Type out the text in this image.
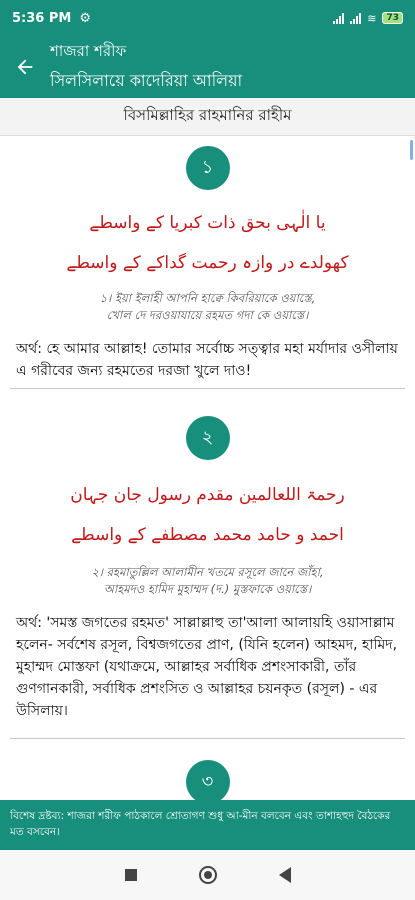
5:36 PM ⚙	≋	73
শাজরা শরীফ
সিলসিলায়ে কাদেরিয়া আলিয়া
বিসমিল্লাহির রাহমানির রাহীম
১
یا الٰہی بحق ذات کبریا کے واسطے
کھولدے در وازہ رحمت گداکے کے واسطے
১। ইয়া ইলাহী আপনি হাক্বে কিবরিয়াকে ওয়াস্তে,
খোল দে দরওয়াযায়ে রহমত গদা কে ওয়াস্তে।
অর্থ: হে আমার আল্লাহ! তোমার সর্বোচ্চ সত্ত্বার মহা মর্যাদার ওসীলায় এ গরীবের জন্য রহমতের দরজা খুলে দাও!
২
رحمۃ اللعالمین مقدم رسول جان جہان
احمد و حامد محمد مصطفے کے واسطے
২। রহমাতুল্লিল আলামীন খতমে রসূলে জানে জাঁহা,
আহমদও হামিদ মুহাম্মদ (দ.) মুস্তফাকে ওয়াস্তে।
অর্থ: 'সমস্ত জগতের রহমত' সাল্লাল্লাহু তা'আলা আলায়হি ওয়াসাল্লাম হলেন- সর্বশেষ রসূল, বিশ্বজগতের প্রাণ, (যিনি হলেন) আহমদ, হামিদ, মুহাম্মদ মোস্তফা (যথাক্রমে, আল্লাহর সর্বাধিক প্রশংসাকারী, তাঁর গুণগানকারী, সর্বাধিক প্রশংসিত ও আল্লাহর চয়নকৃত (রসূল) - এর উসিলায়।
৩
বিশেষ দ্রষ্টব্য: শাজরা শরীফ পাঠকালে শ্রোতাগণ শুধু আ-মীন বলবেন এবং তাশাহহুদ বৈঠকের মত বসবেন।
